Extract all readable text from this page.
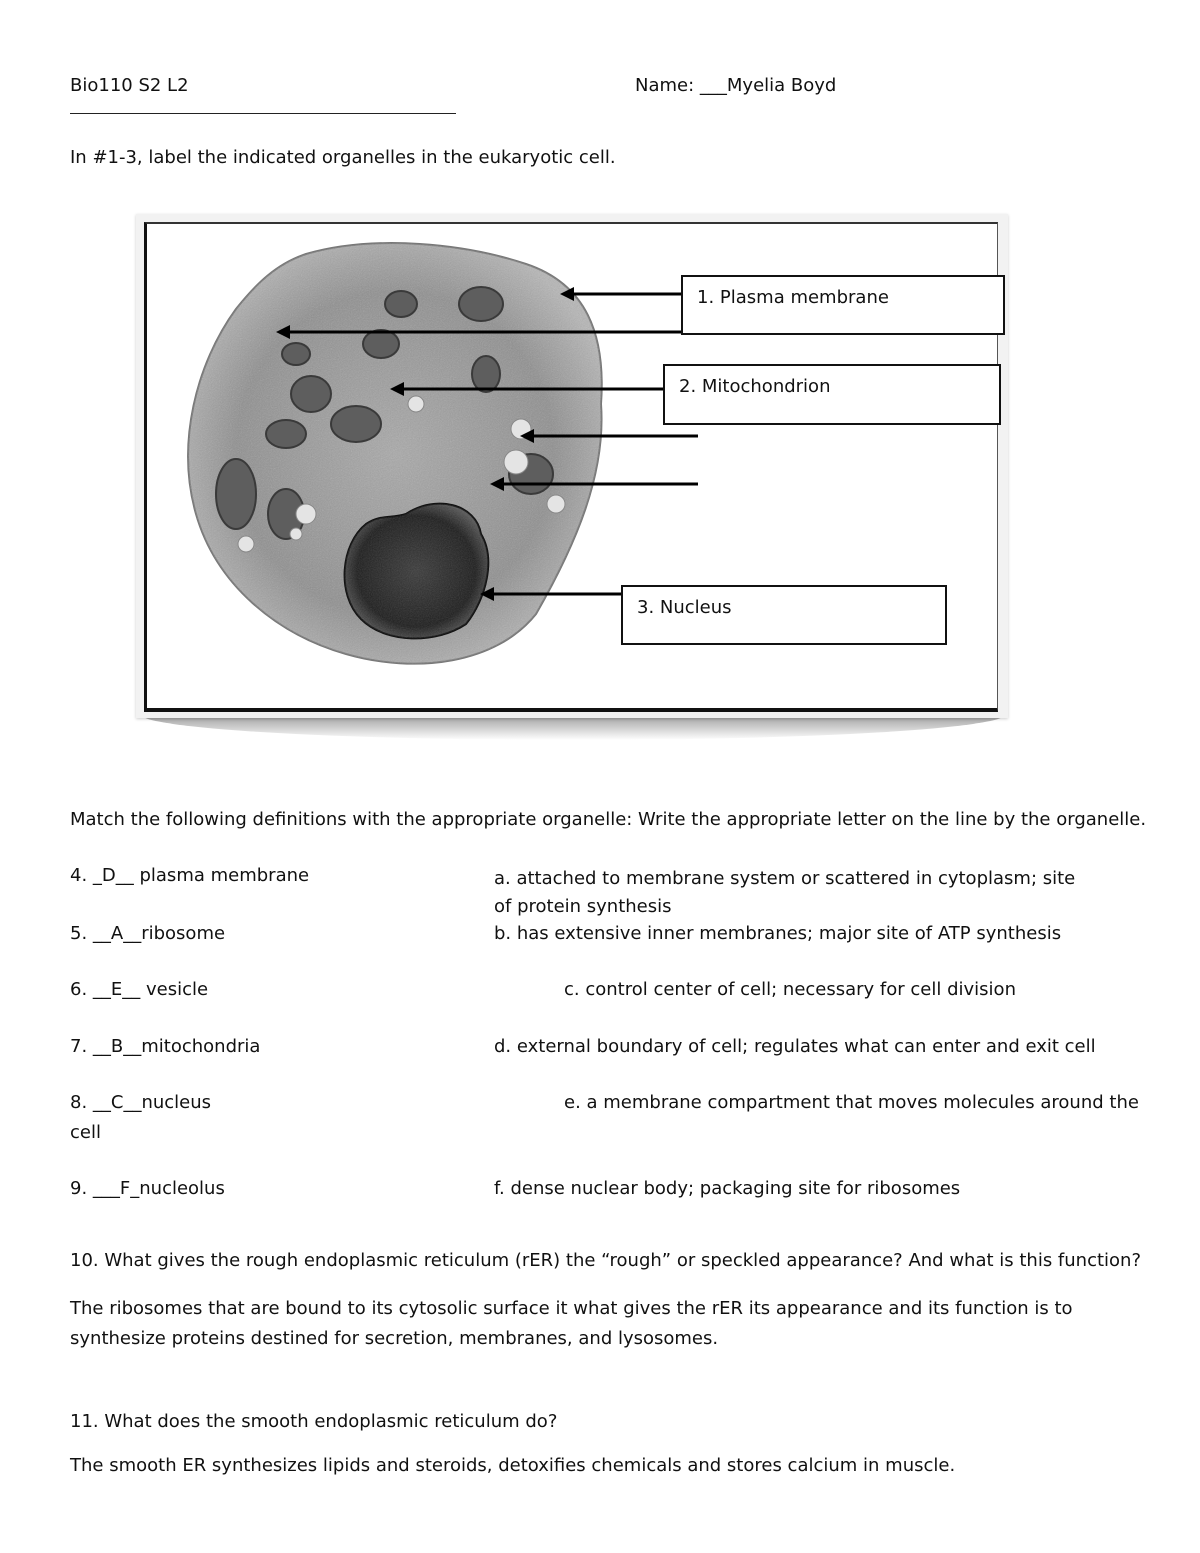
Bio110 S2 L2	Name: ___Myelia Boyd
In #1-3, label the indicated organelles in the eukaryotic cell.
1. Plasma membrane
2. Mitochondrion
3. Nucleus
Match the following definitions with the appropriate organelle: Write the appropriate letter on the line by the organelle.
4. _D__ plasma membrane
5. __A__ribosome
6. __E__ vesicle
7. __B__mitochondria
8. __C__nucleus
cell
9. ___F_nucleolus
a. attached to membrane system or scattered in cytoplasm; site of protein synthesis
b. has extensive inner membranes; major site of ATP synthesis
c. control center of cell; necessary for cell division
d. external boundary of cell; regulates what can enter and exit cell
e. a membrane compartment that moves molecules around the
f. dense nuclear body; packaging site for ribosomes
10. What gives the rough endoplasmic reticulum (rER) the “rough” or speckled appearance? And what is this function?
The ribosomes that are bound to its cytosolic surface it what gives the rER its appearance and its function is to synthesize proteins destined for secretion, membranes, and lysosomes.
11. What does the smooth endoplasmic reticulum do?
The smooth ER synthesizes lipids and steroids, detoxifies chemicals and stores calcium in muscle.
